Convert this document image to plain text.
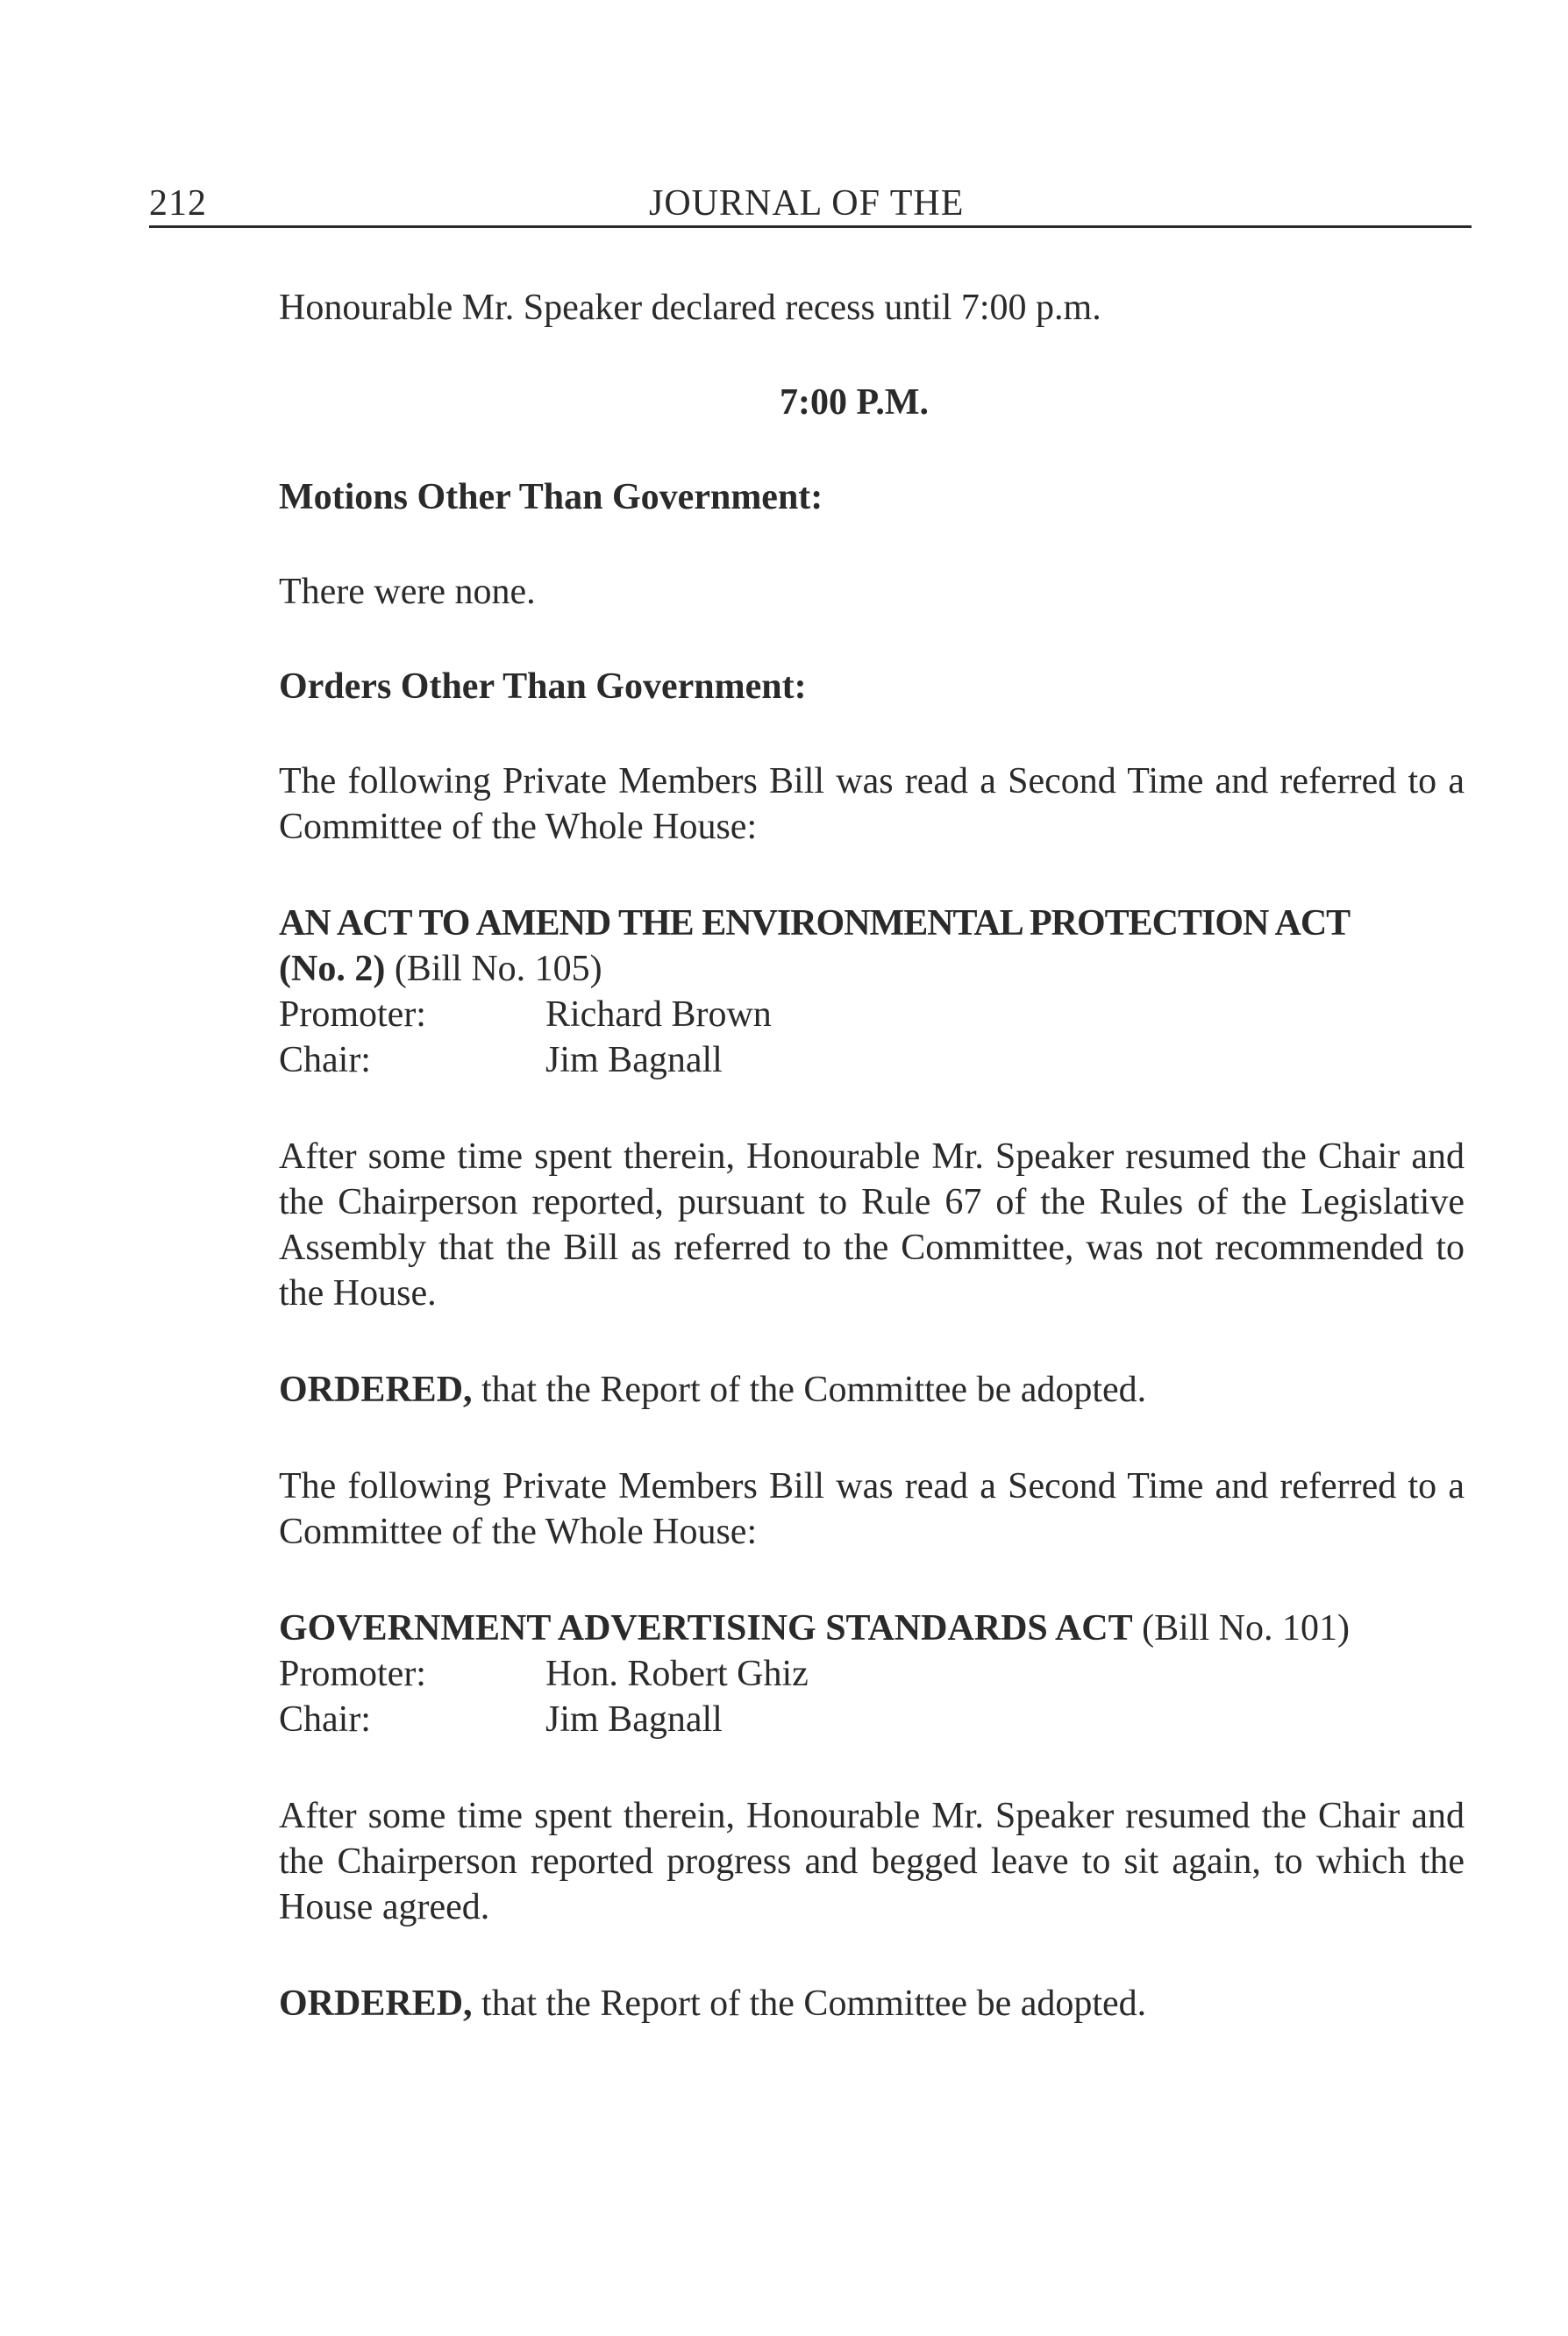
212	JOURNAL OF THE

Honourable Mr. Speaker declared recess until 7:00 p.m.

7:00 P.M.

Motions Other Than Government:

There were none.

Orders Other Than Government:

The following Private Members Bill was read a Second Time and referred to a Committee of the Whole House:

AN ACT TO AMEND THE ENVIRONMENTAL PROTECTION ACT
(No. 2) (Bill No. 105)

Promoter:	Richard Brown
Chair:	Jim Bagnall

After some time spent therein, Honourable Mr. Speaker resumed the Chair and the Chairperson reported, pursuant to Rule 67 of the Rules of the Legislative Assembly that the Bill as referred to the Committee, was not recommended to the House.

ORDERED, that the Report of the Committee be adopted.

The following Private Members Bill was read a Second Time and referred to a Committee of the Whole House:

GOVERNMENT ADVERTISING STANDARDS ACT (Bill No. 101)

Promoter:	Hon. Robert Ghiz
Chair:	Jim Bagnall

After some time spent therein, Honourable Mr. Speaker resumed the Chair and the Chairperson reported progress and begged leave to sit again, to which the House agreed.

ORDERED, that the Report of the Committee be adopted.
